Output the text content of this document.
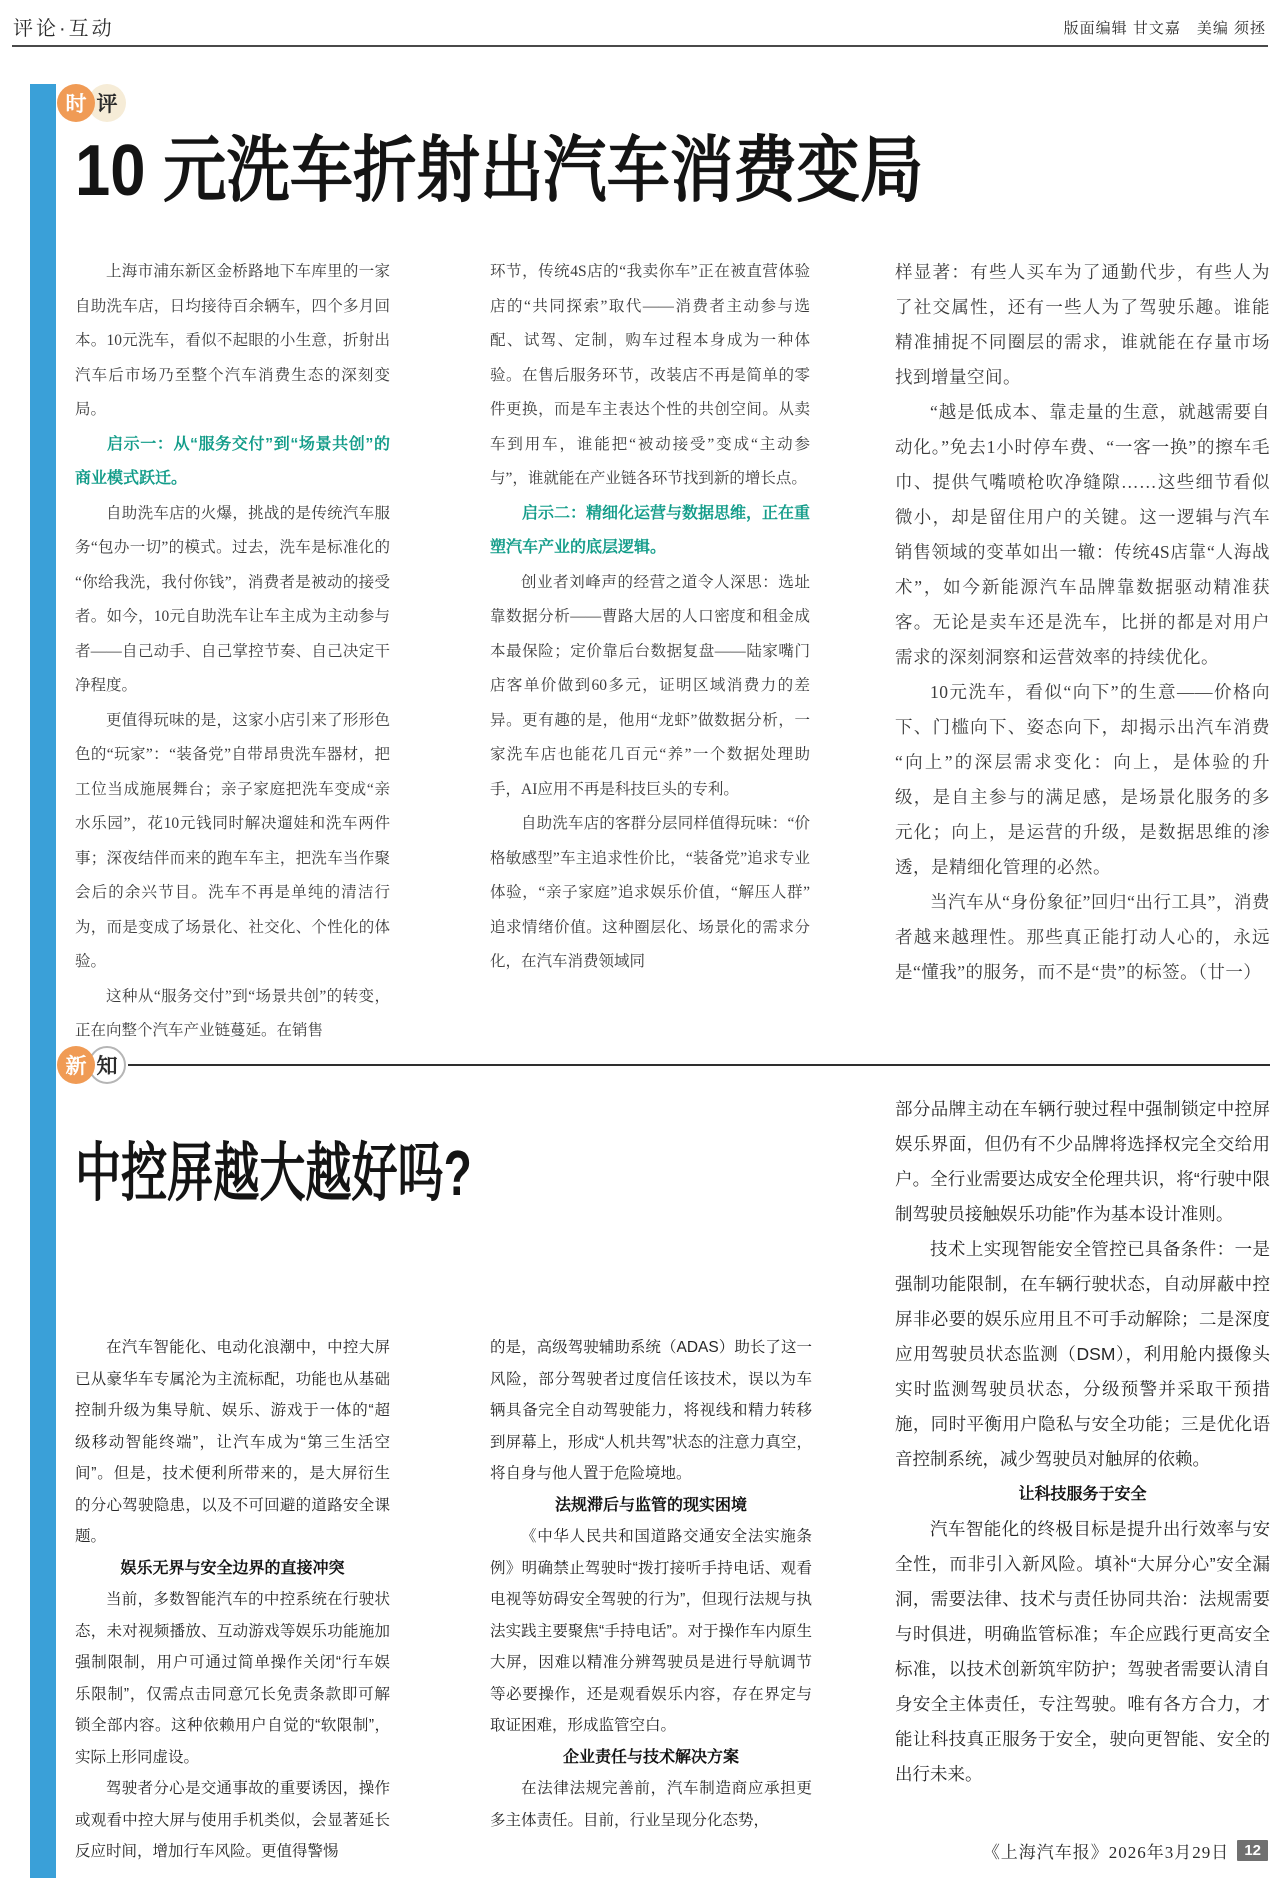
评论·互动	版面编辑 甘文嘉　美编 须拯
时 评
10 元洗车折射出汽车消费变局

上海市浦东新区金桥路地下车库里的一家自助洗车店，日均接待百余辆车，四个多月回本。10元洗车，看似不起眼的小生意，折射出汽车后市场乃至整个汽车消费生态的深刻变局。

启示一：从“服务交付”到“场景共创”的商业模式跃迁。

自助洗车店的火爆，挑战的是传统汽车服务“包办一切”的模式。过去，洗车是标准化的“你给我洗，我付你钱”，消费者是被动的接受者。如今，10元自助洗车让车主成为主动参与者——自己动手、自己掌控节奏、自己决定干净程度。

更值得玩味的是，这家小店引来了形形色色的“玩家”：“装备党”自带昂贵洗车器材，把工位当成施展舞台；亲子家庭把洗车变成“亲水乐园”，花10元钱同时解决遛娃和洗车两件事；深夜结伴而来的跑车车主，把洗车当作聚会后的余兴节目。洗车不再是单纯的清洁行为，而是变成了场景化、社交化、个性化的体验。

这种从“服务交付”到“场景共创”的转变，正在向整个汽车产业链蔓延。在销售

环节，传统4S店的“我卖你车”正在被直营体验店的“共同探索”取代——消费者主动参与选配、试驾、定制，购车过程本身成为一种体验。在售后服务环节，改装店不再是简单的零件更换，而是车主表达个性的共创空间。从卖车到用车，谁能把“被动接受”变成“主动参与”，谁就能在产业链各环节找到新的增长点。

启示二：精细化运营与数据思维，正在重塑汽车产业的底层逻辑。

创业者刘峰声的经营之道令人深思：选址靠数据分析——曹路大居的人口密度和租金成本最保险；定价靠后台数据复盘——陆家嘴门店客单价做到60多元，证明区域消费力的差异。更有趣的是，他用“龙虾”做数据分析，一家洗车店也能花几百元“养”一个数据处理助手，AI应用不再是科技巨头的专利。

自助洗车店的客群分层同样值得玩味：“价格敏感型”车主追求性价比，“装备党”追求专业体验，“亲子家庭”追求娱乐价值，“解压人群”追求情绪价值。这种圈层化、场景化的需求分化，在汽车消费领域同

样显著：有些人买车为了通勤代步，有些人为了社交属性，还有一些人为了驾驶乐趣。谁能精准捕捉不同圈层的需求，谁就能在存量市场找到增量空间。

“越是低成本、靠走量的生意，就越需要自动化。”免去1小时停车费、“一客一换”的擦车毛巾、提供气嘴喷枪吹净缝隙……这些细节看似微小，却是留住用户的关键。这一逻辑与汽车销售领域的变革如出一辙：传统4S店靠“人海战术”，如今新能源汽车品牌靠数据驱动精准获客。无论是卖车还是洗车，比拼的都是对用户需求的深刻洞察和运营效率的持续优化。

10元洗车，看似“向下”的生意——价格向下、门槛向下、姿态向下，却揭示出汽车消费“向上”的深层需求变化：向上，是体验的升级，是自主参与的满足感，是场景化服务的多元化；向上，是运营的升级，是数据思维的渗透，是精细化管理的必然。

当汽车从“身份象征”回归“出行工具”，消费者越来越理性。那些真正能打动人心的，永远是“懂我”的服务，而不是“贵”的标签。（廿一）

新 知
中控屏越大越好吗?

在汽车智能化、电动化浪潮中，中控大屏已从豪华车专属沦为主流标配，功能也从基础控制升级为集导航、娱乐、游戏于一体的“超级移动智能终端”，让汽车成为“第三生活空间”。但是，技术便利所带来的，是大屏衍生的分心驾驶隐患，以及不可回避的道路安全课题。

娱乐无界与安全边界的直接冲突

当前，多数智能汽车的中控系统在行驶状态，未对视频播放、互动游戏等娱乐功能施加强制限制，用户可通过简单操作关闭“行车娱乐限制”，仅需点击同意冗长免责条款即可解锁全部内容。这种依赖用户自觉的“软限制”，实际上形同虚设。

驾驶者分心是交通事故的重要诱因，操作或观看中控大屏与使用手机类似，会显著延长反应时间，增加行车风险。更值得警惕

的是，高级驾驶辅助系统（ADAS）助长了这一风险，部分驾驶者过度信任该技术，误以为车辆具备完全自动驾驶能力，将视线和精力转移到屏幕上，形成“人机共驾”状态的注意力真空，将自身与他人置于危险境地。

法规滞后与监管的现实困境

《中华人民共和国道路交通安全法实施条例》明确禁止驾驶时“拨打接听手持电话、观看电视等妨碍安全驾驶的行为”，但现行法规与执法实践主要聚焦“手持电话”。对于操作车内原生大屏，因难以精准分辨驾驶员是进行导航调节等必要操作，还是观看娱乐内容，存在界定与取证困难，形成监管空白。

企业责任与技术解决方案

在法律法规完善前，汽车制造商应承担更多主体责任。目前，行业呈现分化态势，

部分品牌主动在车辆行驶过程中强制锁定中控屏娱乐界面，但仍有不少品牌将选择权完全交给用户。全行业需要达成安全伦理共识，将“行驶中限制驾驶员接触娱乐功能”作为基本设计准则。

技术上实现智能安全管控已具备条件：一是强制功能限制，在车辆行驶状态，自动屏蔽中控屏非必要的娱乐应用且不可手动解除；二是深度应用驾驶员状态监测（DSM），利用舱内摄像头实时监测驾驶员状态，分级预警并采取干预措施，同时平衡用户隐私与安全功能；三是优化语音控制系统，减少驾驶员对触屏的依赖。

让科技服务于安全

汽车智能化的终极目标是提升出行效率与安全性，而非引入新风险。填补“大屏分心”安全漏洞，需要法律、技术与责任协同共治：法规需要与时俱进，明确监管标准；车企应践行更高安全标准，以技术创新筑牢防护；驾驶者需要认清自身安全主体责任，专注驾驶。唯有各方合力，才能让科技真正服务于安全，驶向更智能、安全的出行未来。

《上海汽车报》2026年3月29日	12
